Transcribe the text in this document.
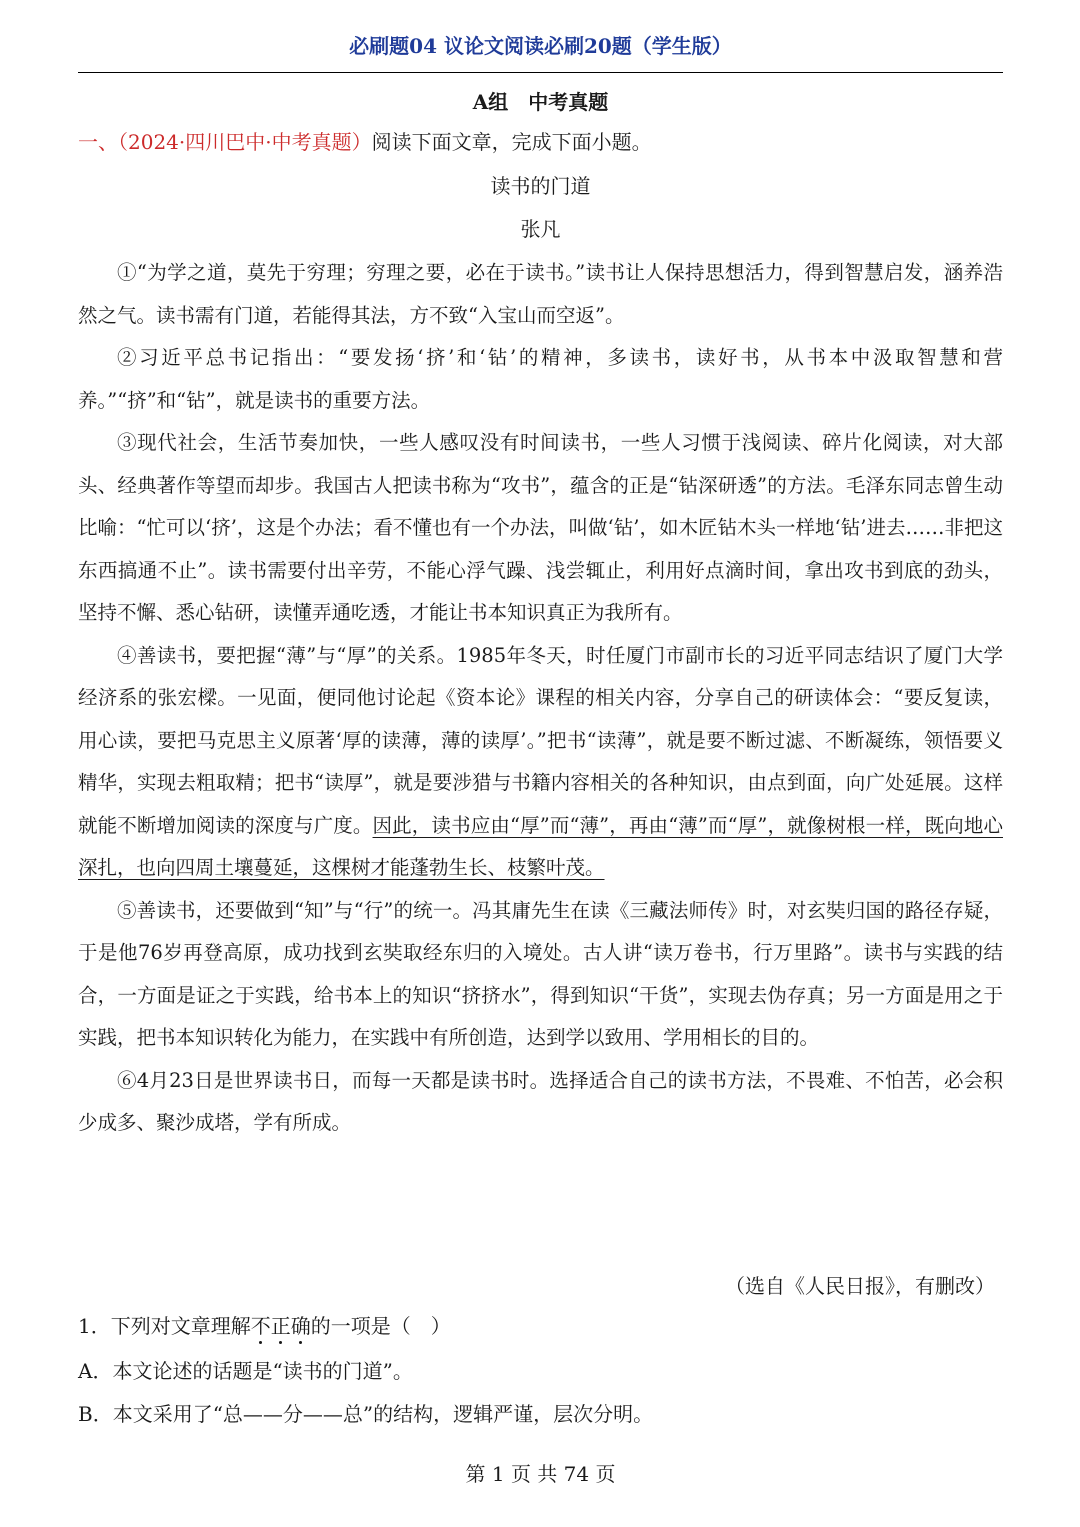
必刷题04 议论文阅读必刷20题（学生版）
A组　中考真题
一、（2024·四川巴中·中考真题）阅读下面文章，完成下面小题。
读书的门道
张凡

①“为学之道，莫先于穷理；穷理之要，必在于读书。”读书让人保持思想活力，得到智慧启发，涵养浩然之气。读书需有门道，若能得其法，方不致“入宝山而空返”。

②习近平总书记指出：“要发扬‘挤’和‘钻’的精神，多读书，读好书，从书本中汲取智慧和营养。”“挤”和“钻”，就是读书的重要方法。

③现代社会，生活节奏加快，一些人感叹没有时间读书，一些人习惯于浅阅读、碎片化阅读，对大部头、经典著作等望而却步。我国古人把读书称为“攻书”，蕴含的正是“钻深研透”的方法。毛泽东同志曾生动比喻：“忙可以‘挤’，这是个办法；看不懂也有一个办法，叫做‘钻’，如木匠钻木头一样地‘钻’进去……非把这东西搞通不止”。读书需要付出辛劳，不能心浮气躁、浅尝辄止，利用好点滴时间，拿出攻书到底的劲头，坚持不懈、悉心钻研，读懂弄通吃透，才能让书本知识真正为我所有。

④善读书，要把握“薄”与“厚”的关系。1985年冬天，时任厦门市副市长的习近平同志结识了厦门大学经济系的张宏樑。一见面，便同他讨论起《资本论》课程的相关内容，分享自己的研读体会：“要反复读，用心读，要把马克思主义原著‘厚的读薄，薄的读厚’。”把书“读薄”，就是要不断过滤、不断凝练，领悟要义精华，实现去粗取精；把书“读厚”，就是要涉猎与书籍内容相关的各种知识，由点到面，向广处延展。这样就能不断增加阅读的深度与广度。因此，读书应由“厚”而“薄”，再由“薄”而“厚”，就像树根一样，既向地心深扎，也向四周土壤蔓延，这棵树才能蓬勃生长、枝繁叶茂。

⑤善读书，还要做到“知”与“行”的统一。冯其庸先生在读《三藏法师传》时，对玄奘归国的路径存疑，于是他76岁再登高原，成功找到玄奘取经东归的入境处。古人讲“读万卷书，行万里路”。读书与实践的结合，一方面是证之于实践，给书本上的知识“挤挤水”，得到知识“干货”，实现去伪存真；另一方面是用之于实践，把书本知识转化为能力，在实践中有所创造，达到学以致用、学用相长的目的。

⑥4月23日是世界读书日，而每一天都是读书时。选择适合自己的读书方法，不畏难、不怕苦，必会积少成多、聚沙成塔，学有所成。

（选自《人民日报》，有删改）
1．下列对文章理解不正确的一项是（　）
A．本文论述的话题是“读书的门道”。
B．本文采用了“总——分——总”的结构，逻辑严谨，层次分明。
第 1 页 共 74 页
